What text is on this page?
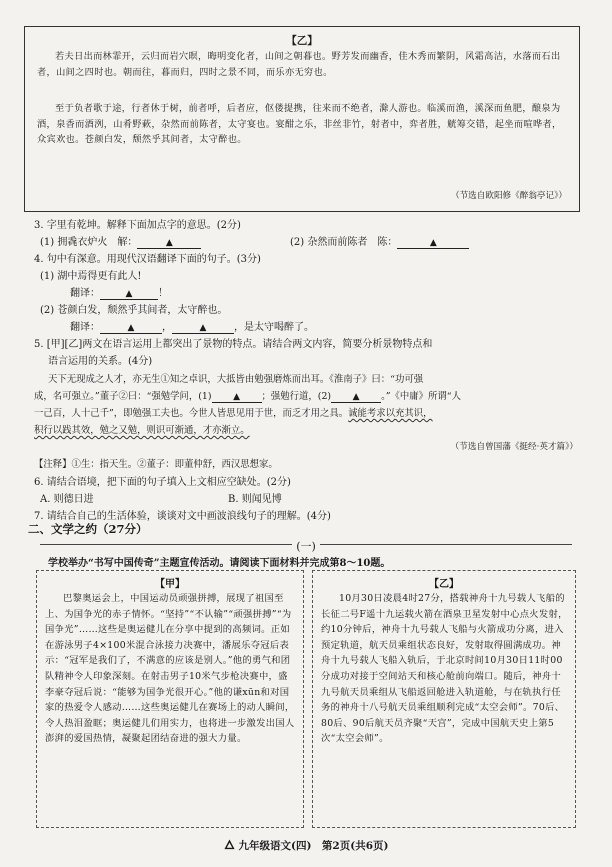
【乙】
若夫日出而林霏开，云归而岩穴暝，晦明变化者，山间之朝暮也。野芳发而幽香，佳木秀而繁阴，风霜高洁，水落而石出者，山间之四时也。朝而往，暮而归，四时之景不同，而乐亦无穷也。
至于负者歌于途，行者休于树，前者呼，后者应，伛偻提携，往来而不绝者，滁人游也。临溪而渔，溪深而鱼肥，酿泉为酒，泉香而酒洌，山肴野蔌，杂然而前陈者，太守宴也。宴酣之乐，非丝非竹，射者中，弈者胜，觥筹交错，起坐而喧哗者，众宾欢也。苍颜白发，颓然乎其间者，太守醉也。
（节选自欧阳修《醉翁亭记》）
3. 字里有乾坤。解释下面加点字的意思。(2分)
(1) 拥毳衣炉火　解：	▲	(2) 杂然而前陈者　陈：	▲
4. 句中有深意。用现代汉语翻译下面的句子。(3分)
(1) 湖中焉得更有此人!
翻译：	▲	！
(2) 苍颜白发，颓然乎其间者，太守醉也。
翻译：	▲	，	▲	，是太守喝醉了。
5. [甲][乙]两文在语言运用上都突出了景物的特点。请结合两文内容，简要分析景物特点和
语言运用的关系。(4分)
天下无现成之人才，亦无生①知之卓识，大抵皆由勉强磨炼而出耳。《淮南子》曰：“功可强
成，名可强立。”董子②曰：“强勉学问，(1) ▲ ；强勉行道，(2) ▲ 。”《中庸》所谓“人
一己百，人十己千”，即勉强工夫也。今世人皆思见用于世，而乏才用之具。诚能考求以充其识，
积行以践其效，勉之又勉，则识可渐通，才亦渐立。
（节选自曾国藩《挺经·英才篇》）
【注释】①生：指天生。②董子：即董仲舒，西汉思想家。
6. 请结合语境，把下面的句子填入上文相应空缺处。(2分)
A. 则德日进	B. 则闻见博
7. 请结合自己的生活体验，谈谈对文中画波浪线句子的理解。(4分)
二、文学之约（27分）
(一)
学校举办“书写中国传奇”主题宣传活动。请阅读下面材料并完成第8～10题。
【甲】
巴黎奥运会上，中国运动员顽强拼搏，展现了祖国至上、为国争光的赤子情怀。“坚持”“不认输”“顽强拼搏”“为国争光”……这些是奥运健儿在分享中提到的高频词。正如在游泳男子4×100米混合泳接力决赛中，潘展乐夺冠后表示：“冠军是我们了，不满意的应该是别人。”他的勇气和团队精神令人印象深刻。在射击男子10米气步枪决赛中，盛李豪夺冠后说：“能够为国争光很开心。”他的谦xūn和对国家的热爱令人感动……这些奥运健儿在赛场上的动人瞬间，令人热泪盈眶；奥运健儿们用实力，也将进一步激发出国人澎湃的爱国热情，凝聚起团结奋进的强大力量。
【乙】
10月30日凌晨4时27分，搭载神舟十九号载人飞船的长征二号F遥十九运载火箭在酒泉卫星发射中心点火发射，约10分钟后，神舟十九号载人飞船与火箭成功分离，进入预定轨道，航天员乘组状态良好，发射取得圆满成功。神舟十九号载人飞船入轨后，于北京时间10月30日11时00分成功对接于空间站天和核心舱前向端口。随后，神舟十九号航天员乘组从飞船返回舱进入轨道舱，与在轨执行任务的神舟十八号航天员乘组顺利完成“太空会师”。70后、80后、90后航天员齐聚“天宫”，完成中国航天史上第5次“太空会师”。
九年级语文(四)　第2页(共6页)
